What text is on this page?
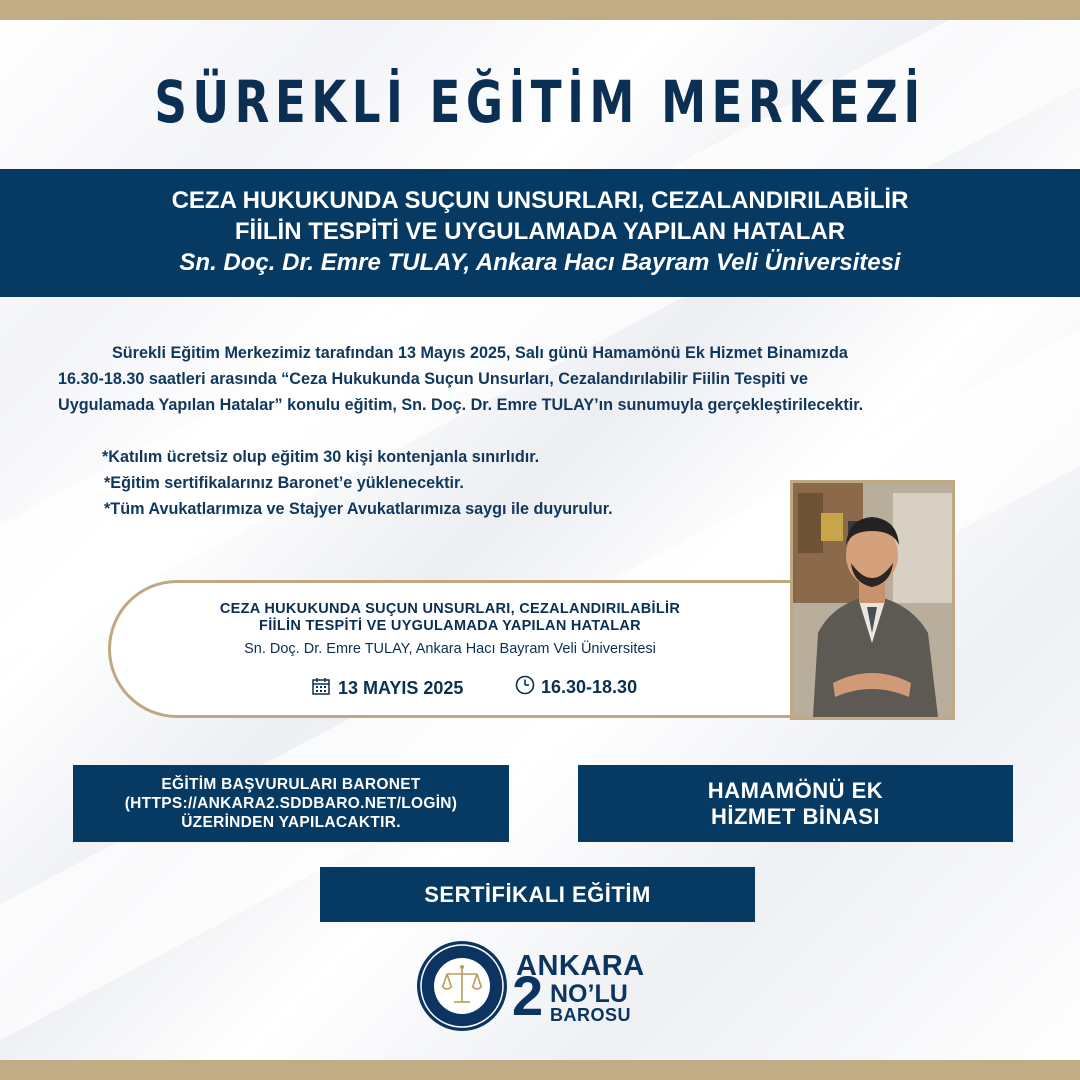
SÜREKLİ EĞİTİM MERKEZİ
CEZA HUKUKUNDA SUÇUN UNSURLARI, CEZALANDIRILABİLİR
FİİLİN TESPİTİ VE UYGULAMADA YAPILAN HATALAR
Sn. Doç. Dr. Emre TULAY, Ankara Hacı Bayram Veli Üniversitesi
Sürekli Eğitim Merkezimiz tarafından 13 Mayıs 2025, Salı günü Hamamönü Ek Hizmet Binamızda
16.30-18.30 saatleri arasında “Ceza Hukukunda Suçun Unsurları, Cezalandırılabilir Fiilin Tespiti ve
Uygulamada Yapılan Hatalar” konulu eğitim, Sn. Doç. Dr. Emre TULAY’ın sunumuyla gerçekleştirilecektir.
*Katılım ücretsiz olup eğitim 30 kişi kontenjanla sınırlıdır.
*Eğitim sertifikalarınız Baronet’e yüklenecektir.
*Tüm Avukatlarımıza ve Stajyer Avukatlarımıza saygı ile duyurulur.
CEZA HUKUKUNDA SUÇUN UNSURLARI, CEZALANDIRILABİLİR
FİİLİN TESPİTİ VE UYGULAMADA YAPILAN HATALAR
Sn. Doç. Dr. Emre TULAY, Ankara Hacı Bayram Veli Üniversitesi
13 MAYIS 2025	16.30-18.30
EĞİTİM BAŞVURULARI BARONET
(HTTPS://ANKARA2.SDDBARO.NET/LOGİN)
ÜZERİNDEN YAPILACAKTIR.
HAMAMÖNÜ EK
HİZMET BİNASI
SERTİFİKALI EĞİTİM
ANKARA
2 NO’LU
BAROSU
